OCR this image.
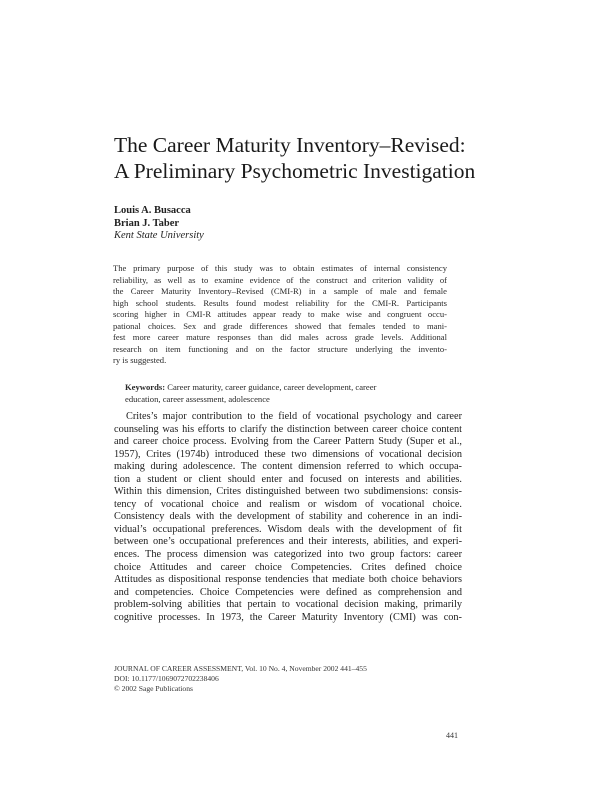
The Career Maturity Inventory–Revised:
A Preliminary Psychometric Investigation
Louis A. Busacca
Brian J. Taber
Kent State University
The primary purpose of this study was to obtain estimates of internal consistency
reliability, as well as to examine evidence of the construct and criterion validity of
the Career Maturity Inventory–Revised (CMI-R) in a sample of male and female
high school students. Results found modest reliability for the CMI-R. Participants
scoring higher in CMI-R attitudes appear ready to make wise and congruent occu-
pational choices. Sex and grade differences showed that females tended to mani-
fest more career mature responses than did males across grade levels. Additional
research on item functioning and on the factor structure underlying the invento-
ry is suggested.
Keywords: Career maturity, career guidance, career development, career
education, career assessment, adolescence
Crites’s major contribution to the field of vocational psychology and career
counseling was his efforts to clarify the distinction between career choice content
and career choice process. Evolving from the Career Pattern Study (Super et al.,
1957), Crites (1974b) introduced these two dimensions of vocational decision
making during adolescence. The content dimension referred to which occupa-
tion a student or client should enter and focused on interests and abilities.
Within this dimension, Crites distinguished between two subdimensions: consis-
tency of vocational choice and realism or wisdom of vocational choice.
Consistency deals with the development of stability and coherence in an indi-
vidual’s occupational preferences. Wisdom deals with the development of fit
between one’s occupational preferences and their interests, abilities, and experi-
ences. The process dimension was categorized into two group factors: career
choice Attitudes and career choice Competencies. Crites defined choice
Attitudes as dispositional response tendencies that mediate both choice behaviors
and competencies. Choice Competencies were defined as comprehension and
problem-solving abilities that pertain to vocational decision making, primarily
cognitive processes. In 1973, the Career Maturity Inventory (CMI) was con-
JOURNAL OF CAREER ASSESSMENT, Vol. 10 No. 4, November 2002 441–455
DOI: 10.1177/1069072702238406
© 2002 Sage Publications
441
